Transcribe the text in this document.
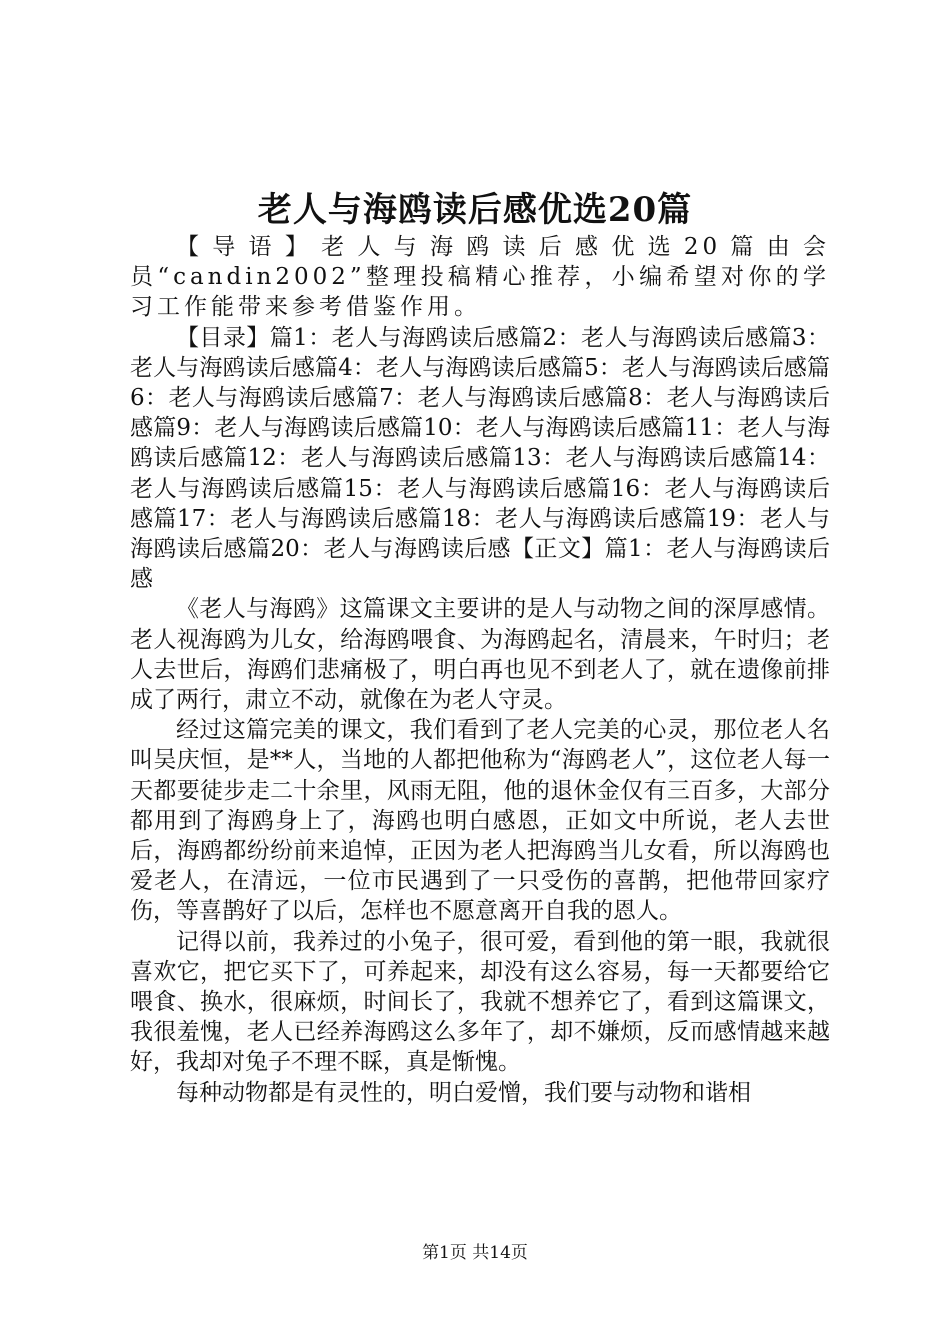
老人与海鸥读后感优选20篇

【导语】老人与海鸥读后感优选20篇由会员“candin2002”整理投稿精心推荐，小编希望对你的学习工作能带来参考借鉴作用。

【目录】篇1：老人与海鸥读后感篇2：老人与海鸥读后感篇3：老人与海鸥读后感篇4：老人与海鸥读后感篇5：老人与海鸥读后感篇6：老人与海鸥读后感篇7：老人与海鸥读后感篇8：老人与海鸥读后感篇9：老人与海鸥读后感篇10：老人与海鸥读后感篇11：老人与海鸥读后感篇12：老人与海鸥读后感篇13：老人与海鸥读后感篇14：老人与海鸥读后感篇15：老人与海鸥读后感篇16：老人与海鸥读后感篇17：老人与海鸥读后感篇18：老人与海鸥读后感篇19：老人与海鸥读后感篇20：老人与海鸥读后感【正文】篇1：老人与海鸥读后感

《老人与海鸥》这篇课文主要讲的是人与动物之间的深厚感情。老人视海鸥为儿女，给海鸥喂食、为海鸥起名，清晨来，午时归；老人去世后，海鸥们悲痛极了，明白再也见不到老人了，就在遗像前排成了两行，肃立不动，就像在为老人守灵。

经过这篇完美的课文，我们看到了老人完美的心灵，那位老人名叫吴庆恒，是**人，当地的人都把他称为“海鸥老人”，这位老人每一天都要徒步走二十余里，风雨无阻，他的退休金仅有三百多，大部分都用到了海鸥身上了，海鸥也明白感恩，正如文中所说，老人去世后，海鸥都纷纷前来追悼，正因为老人把海鸥当儿女看，所以海鸥也爱老人，在清远，一位市民遇到了一只受伤的喜鹊，把他带回家疗伤，等喜鹊好了以后，怎样也不愿意离开自我的恩人。

记得以前，我养过的小兔子，很可爱，看到他的第一眼，我就很喜欢它，把它买下了，可养起来，却没有这么容易，每一天都要给它喂食、换水，很麻烦，时间长了，我就不想养它了，看到这篇课文，我很羞愧，老人已经养海鸥这么多年了，却不嫌烦，反而感情越来越好，我却对兔子不理不睬，真是惭愧。

每种动物都是有灵性的，明白爱憎，我们要与动物和谐相

第1页 共14页
